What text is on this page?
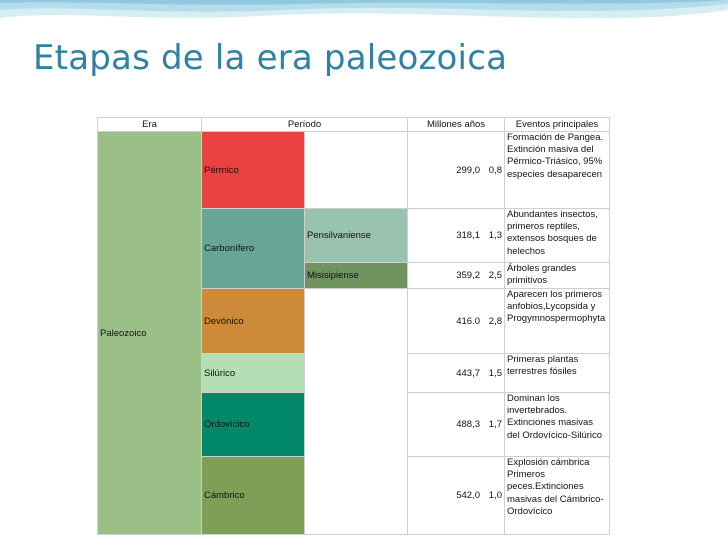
Etapas de la era paleozoica
Era	Período		Millones años	Eventos principales
Paleozoico	Pérmico		299,0 0,8	Formación de Pangea. Extinción masiva del Pérmico-Triásico, 95% especies desaparecen
	Carbonífero	Pensilvaniense	318,1 1,3	Abundantes insectos, primeros reptiles, extensos bosques de helechos
		Misisipiense	359,2 2,5	Árboles grandes primitivos
	Devónico		416.0 2,8	Aparecen los primeros anfobios,Lycopsida y Progymnospermophyta
	Silúrico		443,7 1,5	Primeras plantas terrestres fósiles
	Ordovícico		488,3 1,7	Dominan los invertebrados. Extinciones masivas del Ordovícico-Silúrico
	Cámbrico		542,0 1,0	Explosión cámbrica Primeros peces.Extinciones masivas del Cámbrico-Ordovícico
